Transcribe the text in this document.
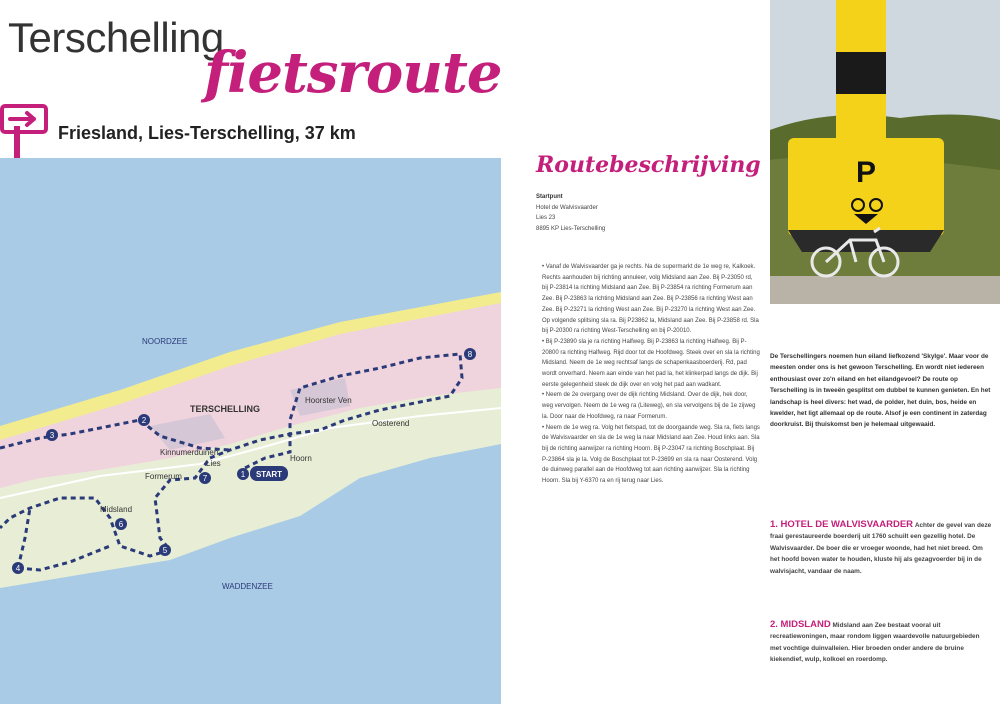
Terschelling
fietsroute
Friesland, Lies-Terschelling, 37 km
NOORDZEE
WADDENZEE
TERSCHELLING
Kinnumerduinen
Hoorster Ven
Formerum
Midsland
Hoorn
Oosterend
Lies
1
2
3
4
5
6
7
8
START
Routebeschrijving
Startpunt
Hotel de Walvisvaarder
Lies 23
8895 KP Lies-Terschelling

• Vanaf de Walvisvaarder ga je rechts. Na de supermarkt de 1e weg re, Kalkoek. Rechts aanhouden bij richting annuleer, volg Midsland aan Zee. Bij P-23050 rd, bij P-23814 la richting Midsland aan Zee. Bij P-23854 ra richting Formerum aan Zee. Bij P-23863 la richting Midsland aan Zee. Bij P-23856 ra richting West aan Zee. Bij P-23271 la richting West aan Zee. Bij P-23270 la richting West aan Zee. Op volgende splitsing sla ra. Bij P23862 la, Midsland aan Zee. Bij P-23858 rd. Sla bij P-20300 ra richting West-Terschelling en bij P-20010.

• Bij P-23890 sla je ra richting Halfweg. Bij P-23863 la richting Halfweg. Bij P-20800 ra richting Halfweg. Rijd door tot de Hoofdweg. Steek over en sla la richting Midsland. Neem de 1e weg rechtsaf langs de schapenkaasboerderij. Rd, pad wordt onverhard. Neem aan einde van het pad la, het klinkerpad langs de dijk. Bij eerste gelegenheid steek de dijk over en volg het pad aan wadkant.

• Neem de 2e overgang over de dijk richting Midsland. Over de dijk, hek door, weg vervolgen. Neem de 1e weg ra (Liteweg), en sla vervolgens bij de 1e zijweg la. Door naar de Hoofdweg, ra naar Formerum.

• Neem de 1e weg ra. Volg het fietspad, tot de doorgaande weg. Sla ra, fiets langs de Walvisvaarder en sla de 1e weg la naar Midsland aan Zee. Houd links aan. Sla bij de richting aanwijzer ra richting Hoorn. Bij P-23047 ra richting Boschplaat. Bij P-23864 sla je la. Volg de Boschplaat tot P-23699 en sla ra naar Oosterend. Volg de duinweg parallel aan de Hoofdweg tot aan richting aanwijzer. Sla la richting Hoorn. Sla bij Y-6370 ra en rij terug naar Lies.

P
De Terschellingers noemen hun eiland liefkozend 'Skylge'. Maar voor de meesten onder ons is het gewoon Terschelling. En wordt niet iedereen enthousiast over zo'n eiland en het eilandgevoel? De route op Terschelling is in tweeën gesplitst om dubbel te kunnen genieten. En het landschap is heel divers: het wad, de polder, het duin, bos, heide en kwelder, het ligt allemaal op de route. Alsof je een continent in zaterdag doorkruist. Bij thuiskomst ben je helemaal uitgewaaid.
1. HOTEL DE WALVISVAARDER Achter de gevel van deze fraai gerestaureerde boerderij uit 1760 schuilt een gezellig hotel. De Walvisvaarder. De boer die er vroeger woonde, had het niet breed. Om het hoofd boven water te houden, kluste hij als gezagvoerder bij in de walvisjacht, vandaar de naam.
2. MIDSLAND Midsland aan Zee bestaat vooral uit recreatiewoningen, maar rondom liggen waardevolle natuurgebieden met vochtige duinvalleien. Hier broeden onder andere de bruine kiekendief, wulp, kolkoel en roerdomp.
